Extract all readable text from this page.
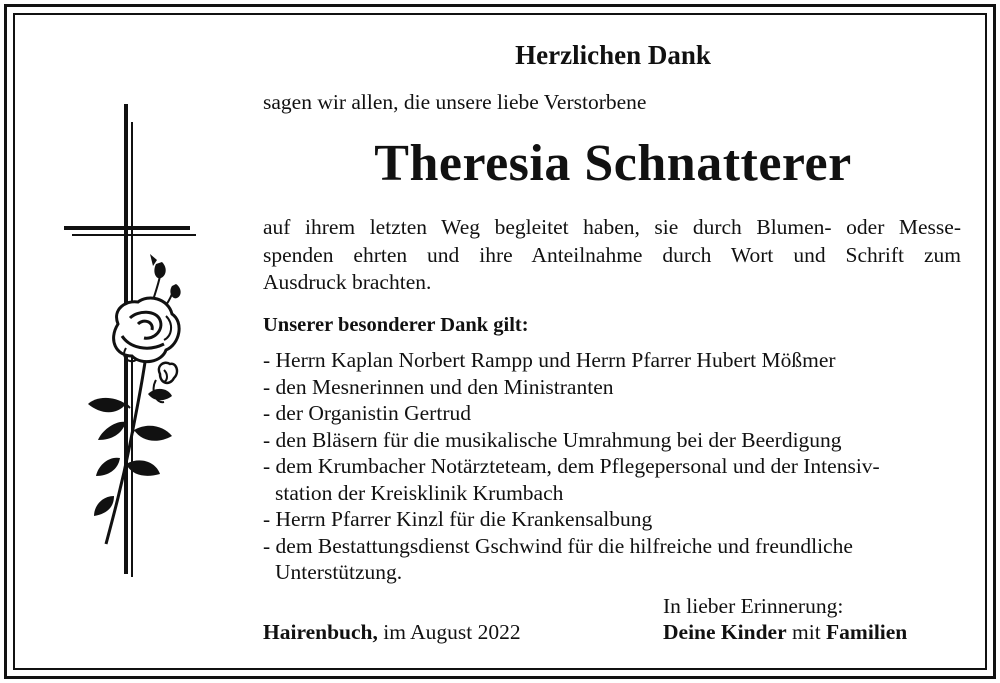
Herzlichen Dank
sagen wir allen, die unsere liebe Verstorbene
Theresia Schnatterer
auf ihrem letzten Weg begleitet haben, sie durch Blumen- oder Messe-
spenden ehrten und ihre Anteilnahme durch Wort und Schrift zum
Ausdruck brachten.
Unserer besonderer Dank gilt:
- Herrn Kaplan Norbert Rampp und Herrn Pfarrer Hubert Mößmer
- den Mesnerinnen und den Ministranten
- der Organistin Gertrud
- den Bläsern für die musikalische Umrahmung bei der Beerdigung
- dem Krumbacher Notärzteteam, dem Pflegepersonal und der Intensiv-
station der Kreisklinik Krumbach
- Herrn Pfarrer Kinzl für die Krankensalbung
- dem Bestattungsdienst Gschwind für die hilfreiche und freundliche
Unterstützung.
Hairenbuch, im August 2022
In lieber Erinnerung:
Deine Kinder mit Familien
